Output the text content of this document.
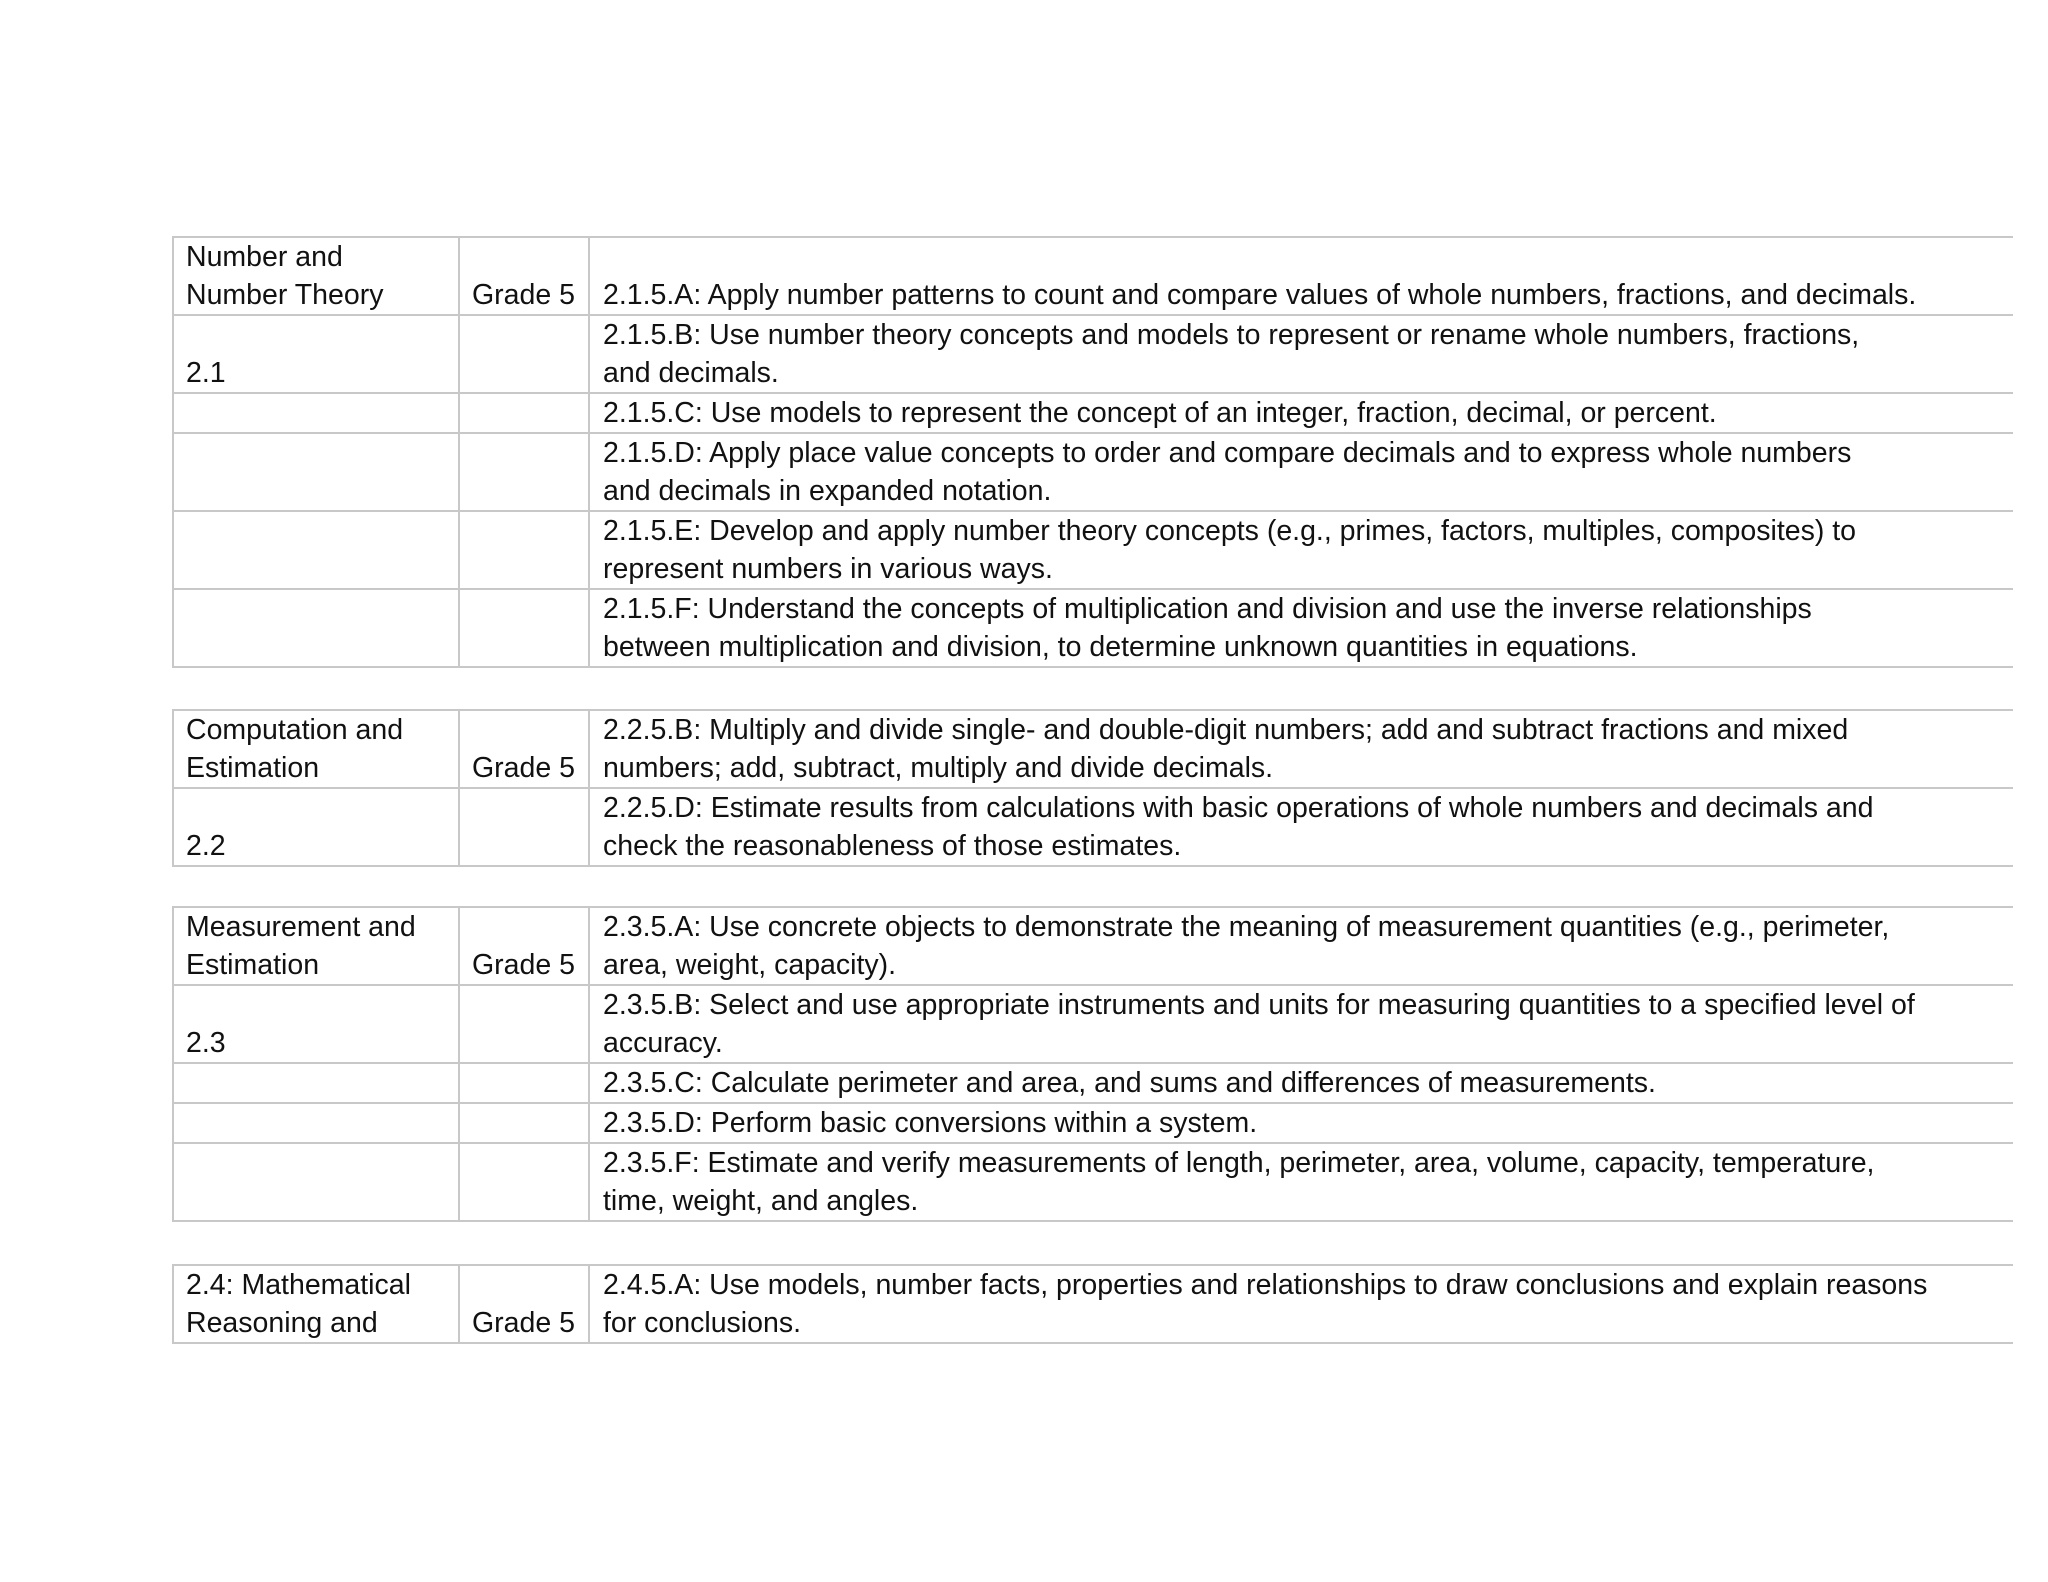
Number and
Number Theory	Grade 5	2.1.5.A: Apply number patterns to count and compare values of whole numbers, fractions, and decimals.
2.1		2.1.5.B: Use number theory concepts and models to represent or rename whole numbers, fractions,
and decimals.
		2.1.5.C: Use models to represent the concept of an integer, fraction, decimal, or percent.
		2.1.5.D: Apply place value concepts to order and compare decimals and to express whole numbers
and decimals in expanded notation.
		2.1.5.E: Develop and apply number theory concepts (e.g., primes, factors, multiples, composites) to
represent numbers in various ways.
		2.1.5.F: Understand the concepts of multiplication and division and use the inverse relationships
between multiplication and division, to determine unknown quantities in equations.
Computation and
Estimation	Grade 5	2.2.5.B: Multiply and divide single- and double-digit numbers; add and subtract fractions and mixed
numbers; add, subtract, multiply and divide decimals.
2.2		2.2.5.D: Estimate results from calculations with basic operations of whole numbers and decimals and
check the reasonableness of those estimates.
Measurement and
Estimation	Grade 5	2.3.5.A: Use concrete objects to demonstrate the meaning of measurement quantities (e.g., perimeter,
area, weight, capacity).
2.3		2.3.5.B: Select and use appropriate instruments and units for measuring quantities to a specified level of
accuracy.
		2.3.5.C: Calculate perimeter and area, and sums and differences of measurements.
		2.3.5.D: Perform basic conversions within a system.
		2.3.5.F: Estimate and verify measurements of length, perimeter, area, volume, capacity, temperature,
time, weight, and angles.
2.4: Mathematical
Reasoning and	Grade 5	2.4.5.A: Use models, number facts, properties and relationships to draw conclusions and explain reasons
for conclusions.
